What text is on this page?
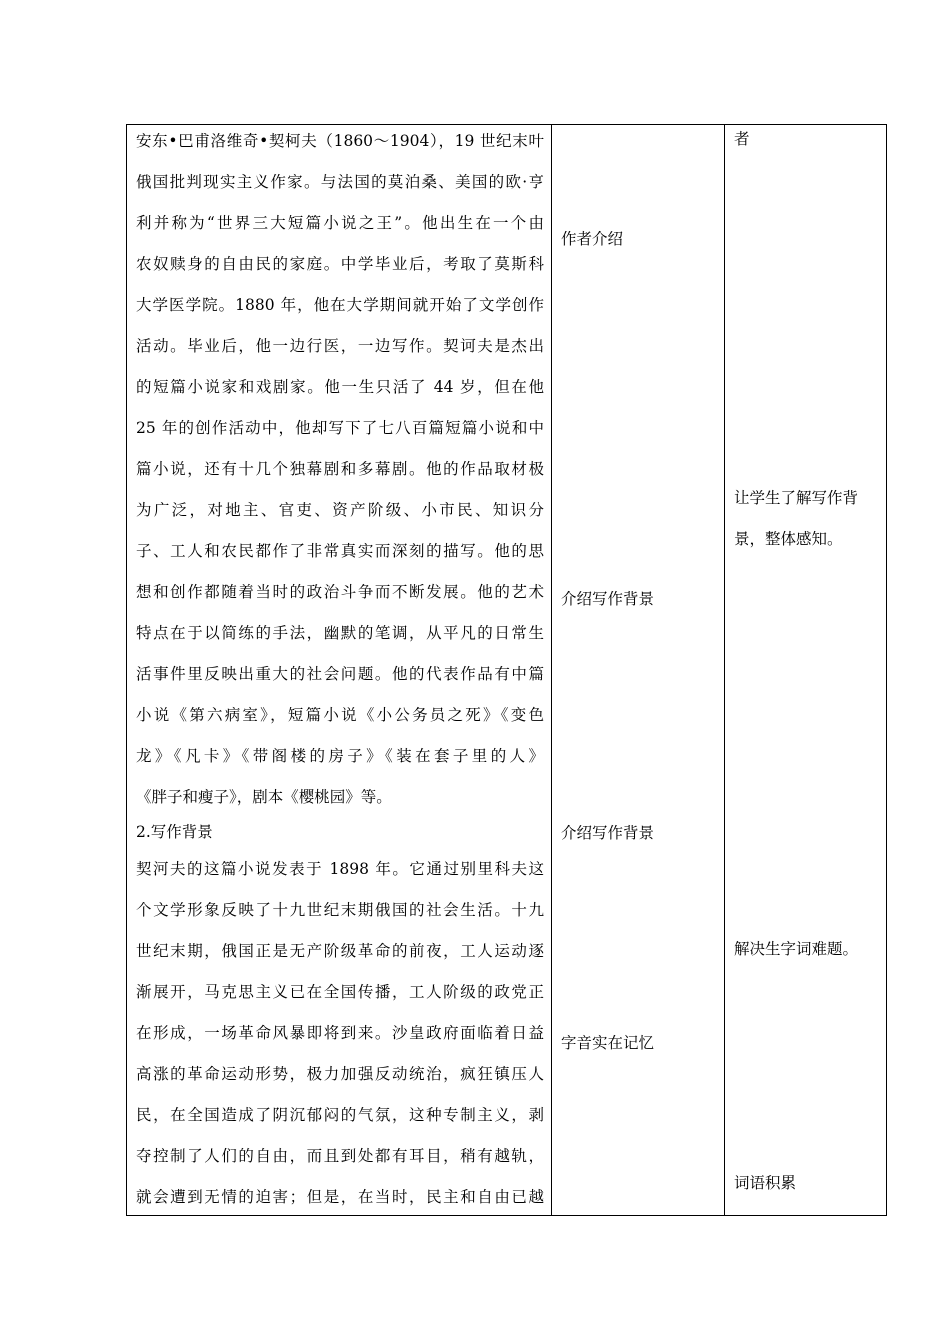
安东•巴甫洛维奇•契柯夫（1860～1904），19 世纪末叶
俄国批判现实主义作家。与法国的莫泊桑、美国的欧·亨
利并称为“世界三大短篇小说之王”。他出生在一个由
农奴赎身的自由民的家庭。中学毕业后，考取了莫斯科
大学医学院。1880 年，他在大学期间就开始了文学创作
活动。毕业后，他一边行医，一边写作。契诃夫是杰出
的短篇小说家和戏剧家。他一生只活了 44 岁，但在他
25 年的创作活动中，他却写下了七八百篇短篇小说和中
篇小说，还有十几个独幕剧和多幕剧。他的作品取材极
为广泛，对地主、官吏、资产阶级、小市民、知识分
子、工人和农民都作了非常真实而深刻的描写。他的思
想和创作都随着当时的政治斗争而不断发展。他的艺术
特点在于以简练的手法，幽默的笔调，从平凡的日常生
活事件里反映出重大的社会问题。他的代表作品有中篇
小说《第六病室》，短篇小说《小公务员之死》《变色
龙》《凡卡》《带阁楼的房子》《装在套子里的人》
《胖子和瘦子》，剧本《樱桃园》等。
2.写作背景
契河夫的这篇小说发表于 1898 年。它通过别里科夫这
个文学形象反映了十九世纪末期俄国的社会生活。十九
世纪末期，俄国正是无产阶级革命的前夜，工人运动逐
渐展开，马克思主义已在全国传播，工人阶级的政党正
在形成，一场革命风暴即将到来。沙皇政府面临着日益
高涨的革命运动形势，极力加强反动统治，疯狂镇压人
民，在全国造成了阴沉郁闷的气氛，这种专制主义，剥
夺控制了人们的自由，而且到处都有耳目，稍有越轨，
就会遭到无情的迫害；但是，在当时，民主和自由已越
作者介绍
介绍写作背景
介绍写作背景
字音实在记忆
者
让学生了解写作背
景，整体感知。
解决生字词难题。
词语积累
